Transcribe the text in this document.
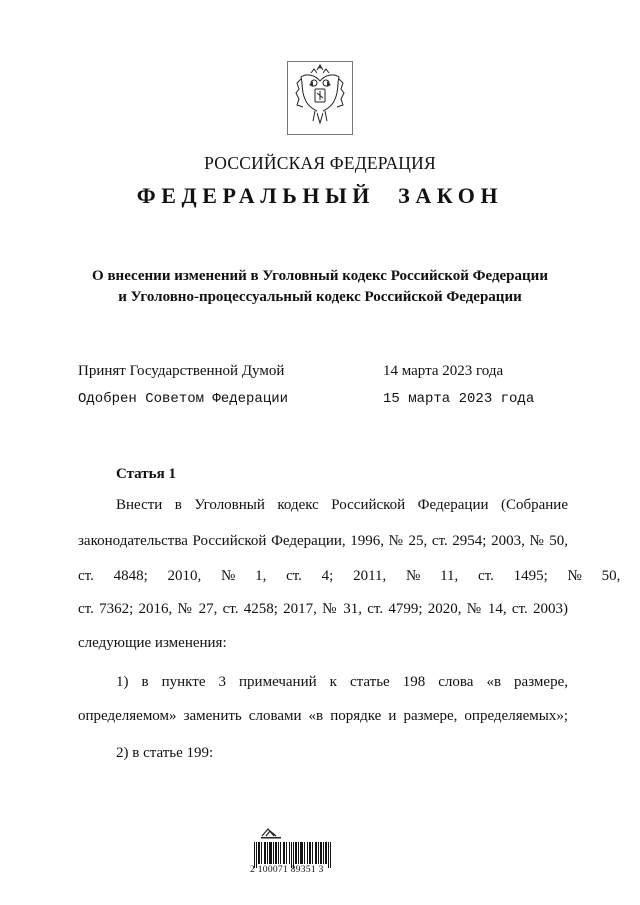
РОССИЙСКАЯ ФЕДЕРАЦИЯ
ФЕДЕРАЛЬНЫЙ ЗАКОН
О внесении изменений в Уголовный кодекс Российской Федерации
и Уголовно-процессуальный кодекс Российской Федерации
Принят Государственной Думой	14 марта 2023 года
Одобрен Советом Федерации	15 марта 2023 года
Статья 1
Внести в Уголовный кодекс Российской Федерации (Собрание
законодательства Российской Федерации, 1996, № 25, ст. 2954; 2003, № 50,
ст. 4848; 2010, № 1, ст. 4; 2011, № 11, ст. 1495; № 50,
ст. 7362; 2016, № 27, ст. 4258; 2017, № 31, ст. 4799; 2020, № 14, ст. 2003)
следующие изменения:
1) в пункте 3 примечаний к статье 198 слова «в размере,
определяемом» заменить словами «в порядке и размере, определяемых»;
2) в статье 199:
2 100071 89351 3
